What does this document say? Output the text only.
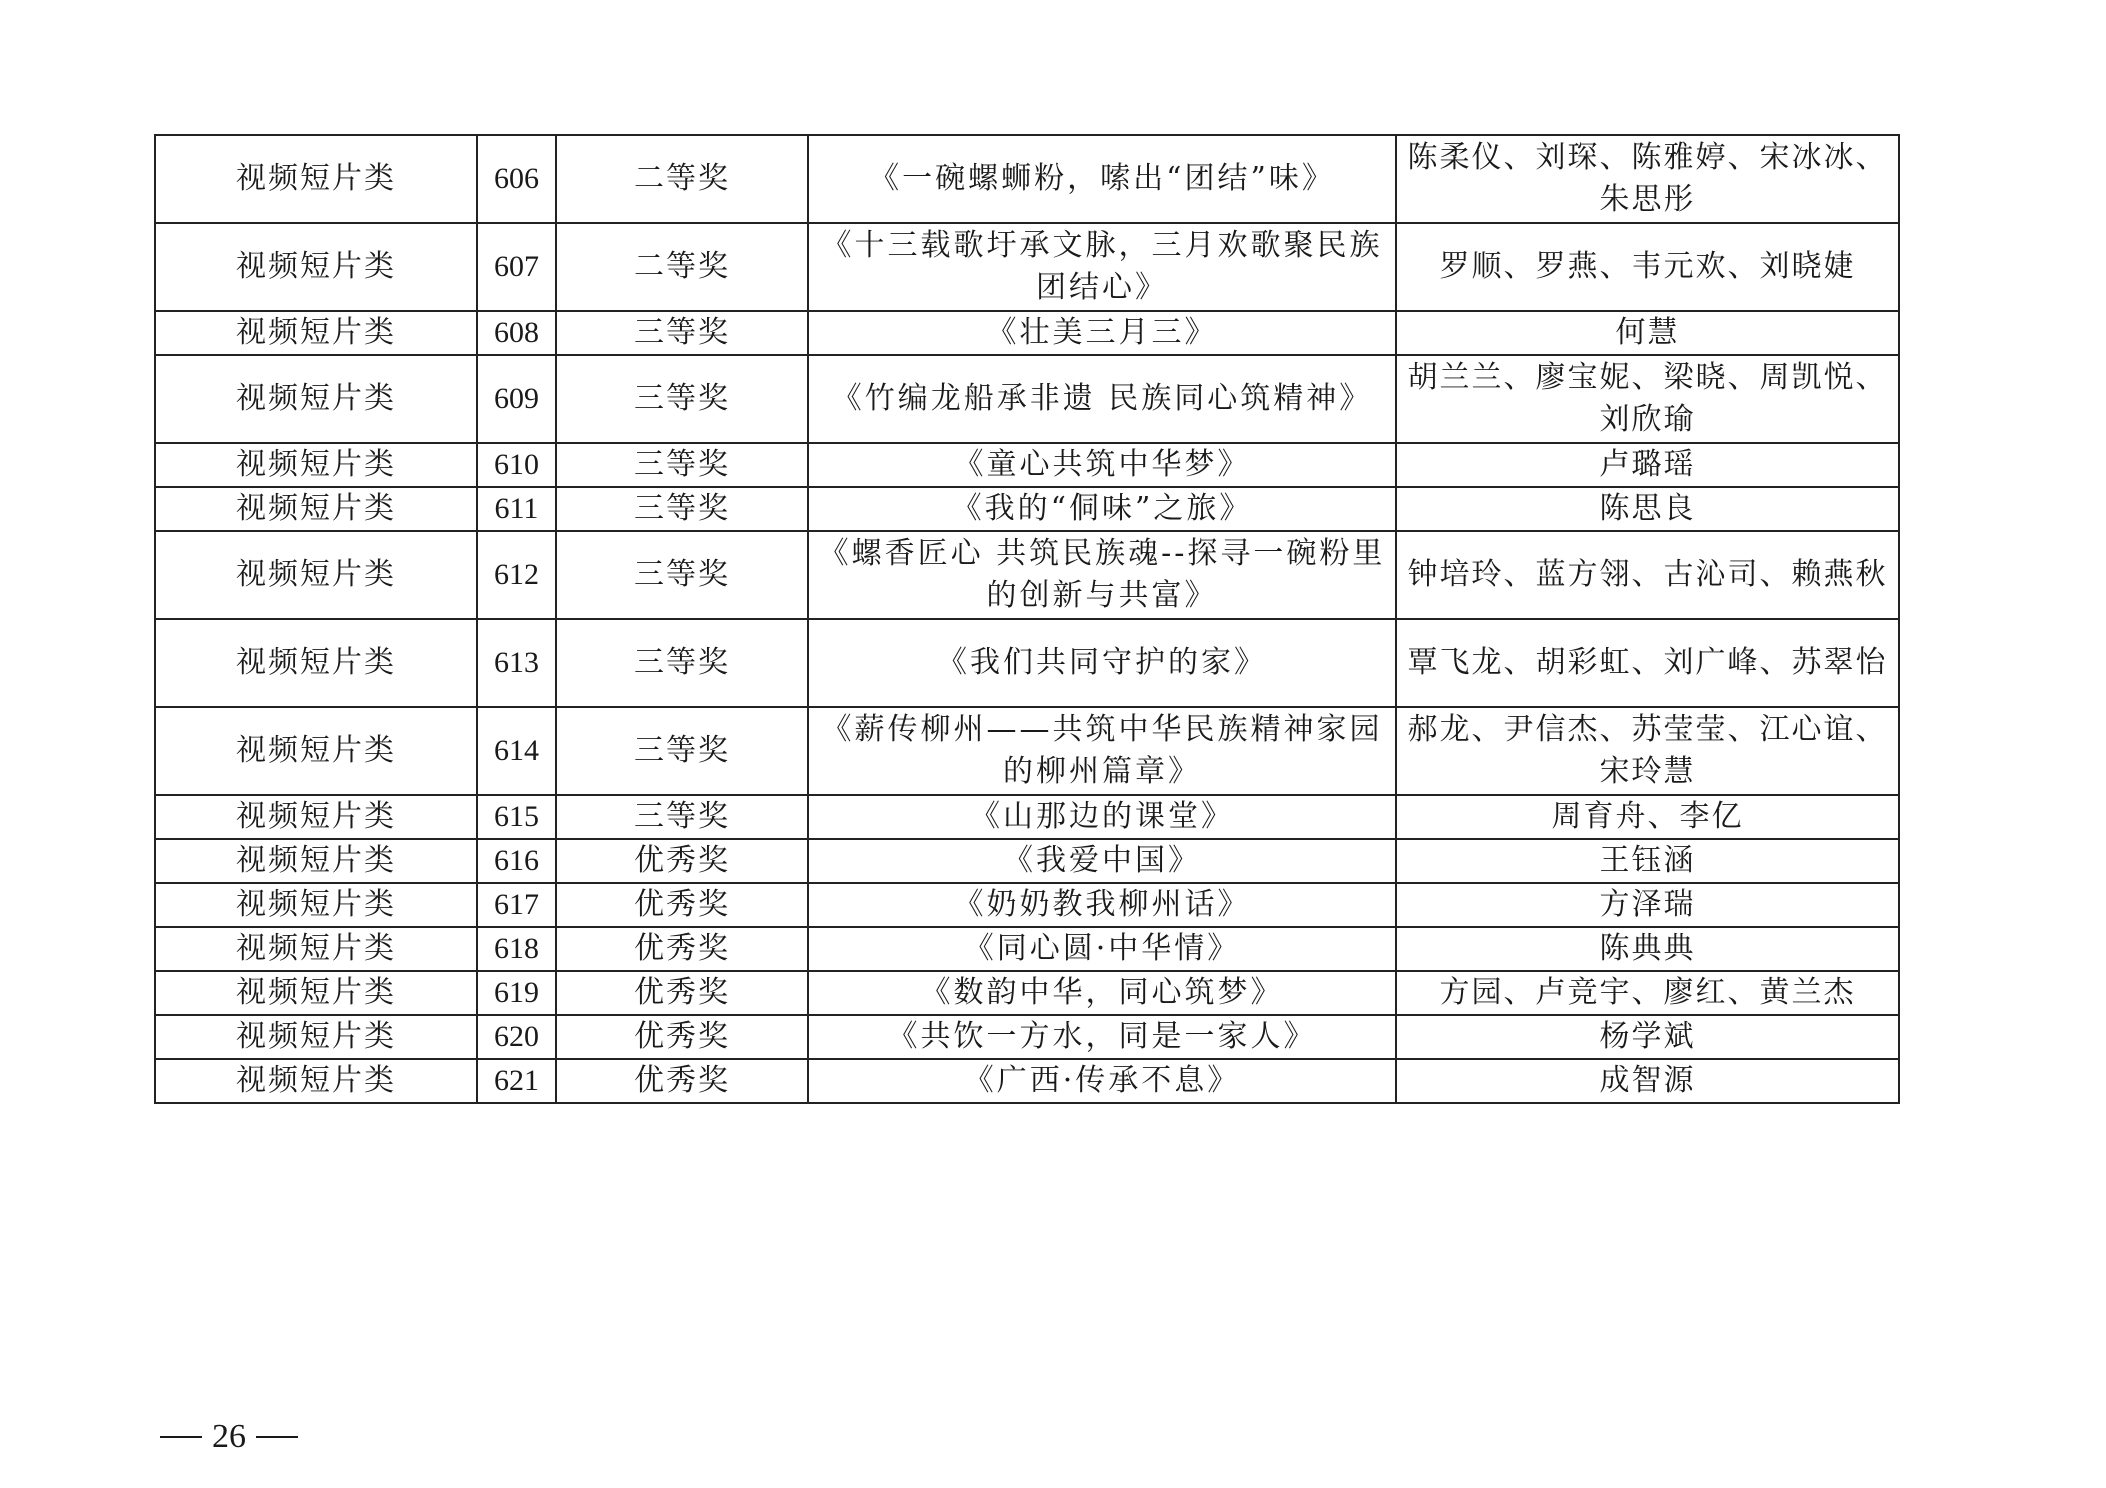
视频短片类	606	二等奖	《一碗螺蛳粉，嗦出“团结”味》	陈柔仪、刘琛、陈雅婷、宋冰冰、朱思彤
视频短片类	607	二等奖	《十三载歌圩承文脉，三月欢歌聚民族团结心》	罗顺、罗燕、韦元欢、刘晓婕
视频短片类	608	三等奖	《壮美三月三》	何慧
视频短片类	609	三等奖	《竹编龙船承非遗 民族同心筑精神》	胡兰兰、廖宝妮、梁晓、周凯悦、刘欣瑜
视频短片类	610	三等奖	《童心共筑中华梦》	卢璐瑶
视频短片类	611	三等奖	《我的“侗味”之旅》	陈思良
视频短片类	612	三等奖	《螺香匠心 共筑民族魂--探寻一碗粉里的创新与共富》	钟培玲、蓝方翎、古沁司、赖燕秋
视频短片类	613	三等奖	《我们共同守护的家》	覃飞龙、胡彩虹、刘广峰、苏翠怡
视频短片类	614	三等奖	《薪传柳州——共筑中华民族精神家园的柳州篇章》	郝龙、尹信杰、苏莹莹、江心谊、宋玲慧
视频短片类	615	三等奖	《山那边的课堂》	周育舟、李亿
视频短片类	616	优秀奖	《我爱中国》	王钰涵
视频短片类	617	优秀奖	《奶奶教我柳州话》	方泽瑞
视频短片类	618	优秀奖	《同心圆·中华情》	陈典典
视频短片类	619	优秀奖	《数韵中华，同心筑梦》	方园、卢竞宇、廖红、黄兰杰
视频短片类	620	优秀奖	《共饮一方水，同是一家人》	杨学斌
视频短片类	621	优秀奖	《广西·传承不息》	成智源
26
